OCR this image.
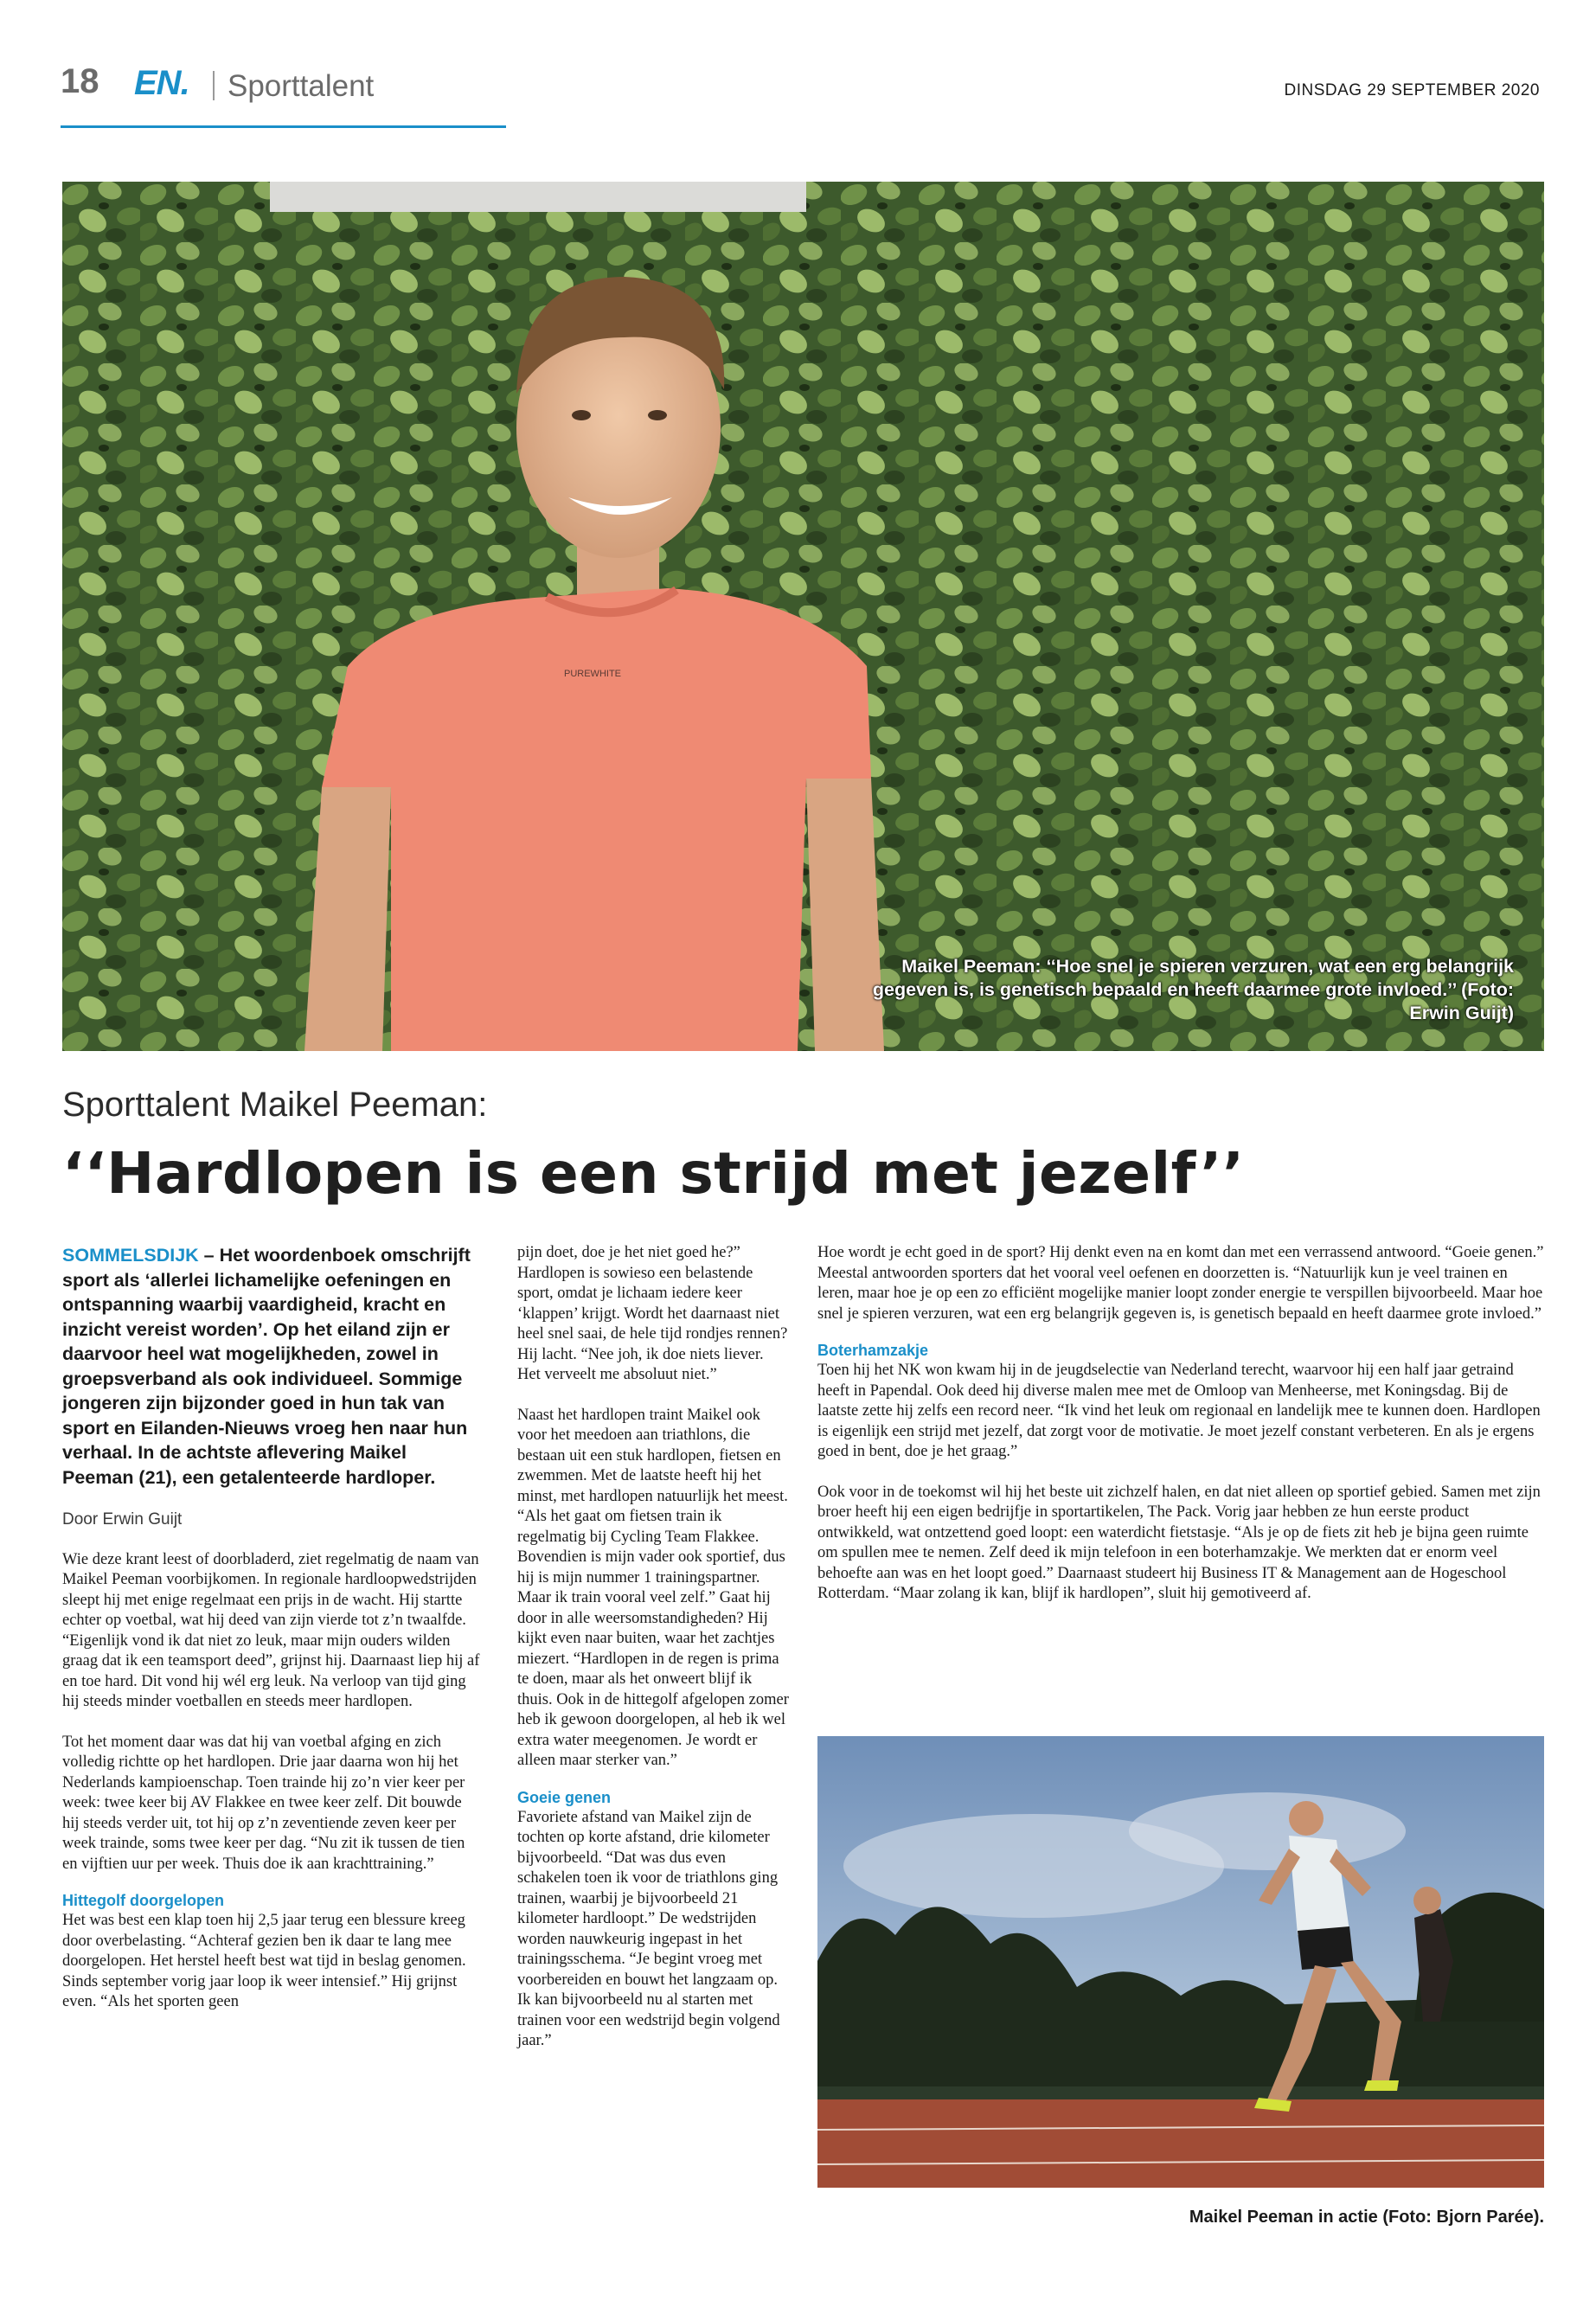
18 EN. Sporttalent	DINSDAG 29 SEPTEMBER 2020
PUREWHITE
Maikel Peeman: ‘‘Hoe snel je spieren verzuren, wat een erg belangrijk gegeven is, is genetisch bepaald en heeft daarmee grote invloed.’’ (Foto: Erwin Guijt)
Sporttalent Maikel Peeman:
‘‘Hardlopen is een strijd met jezelf’’

SOMMELSDIJK – Het woordenboek omschrijft sport als ‘allerlei lichamelijke oefeningen en ontspanning waarbij vaardigheid, kracht en inzicht vereist worden’. Op het eiland zijn er daarvoor heel wat mogelijkheden, zowel in groepsverband als ook individueel. Sommige jongeren zijn bijzonder goed in hun tak van sport en Eilanden-Nieuws vroeg hen naar hun verhaal. In de achtste aflevering Maikel Peeman (21), een getalenteerde hardloper.

Door Erwin Guijt

Wie deze krant leest of doorbladerd, ziet regelmatig de naam van Maikel Peeman voorbijkomen. In regionale hardloopwedstrijden sleept hij met enige regelmaat een prijs in de wacht. Hij startte echter op voetbal, wat hij deed van zijn vierde tot z’n twaalfde. “Eigenlijk vond ik dat niet zo leuk, maar mijn ouders wilden graag dat ik een teamsport deed”, grijnst hij. Daarnaast liep hij af en toe hard. Dit vond hij wél erg leuk. Na verloop van tijd ging hij steeds minder voetballen en steeds meer hardlopen.

Tot het moment daar was dat hij van voetbal afging en zich volledig richtte op het hardlopen. Drie jaar daarna won hij het Nederlands kampioenschap. Toen trainde hij zo’n vier keer per week: twee keer bij AV Flakkee en twee keer zelf. Dit bouwde hij steeds verder uit, tot hij op z’n zeventiende zeven keer per week trainde, soms twee keer per dag. “Nu zit ik tussen de tien en vijftien uur per week. Thuis doe ik aan krachttraining.”

Hittegolf doorgelopen

Het was best een klap toen hij 2,5 jaar terug een blessure kreeg door overbelasting. “Achteraf gezien ben ik daar te lang mee doorgelopen. Het herstel heeft best wat tijd in beslag genomen. Sinds september vorig jaar loop ik weer intensief.” Hij grijnst even. “Als het sporten geen

pijn doet, doe je het niet goed he?” Hardlopen is sowieso een belastende sport, omdat je lichaam iedere keer ‘klappen’ krijgt. Wordt het daarnaast niet heel snel saai, de hele tijd rondjes rennen? Hij lacht. “Nee joh, ik doe niets liever. Het verveelt me absoluut niet.”

Naast het hardlopen traint Maikel ook voor het meedoen aan triathlons, die bestaan uit een stuk hardlopen, fietsen en zwemmen. Met de laatste heeft hij het minst, met hardlopen natuurlijk het meest. “Als het gaat om fietsen train ik regelmatig bij Cycling Team Flakkee. Bovendien is mijn vader ook sportief, dus hij is mijn nummer 1 trainingspartner. Maar ik train vooral veel zelf.” Gaat hij door in alle weersomstandigheden? Hij kijkt even naar buiten, waar het zachtjes miezert. “Hardlopen in de regen is prima te doen, maar als het onweert blijf ik thuis. Ook in de hittegolf afgelopen zomer heb ik gewoon doorgelopen, al heb ik wel extra water meegenomen. Je wordt er alleen maar sterker van.”

Goeie genen

Favoriete afstand van Maikel zijn de tochten op korte afstand, drie kilometer bijvoorbeeld. “Dat was dus even schakelen toen ik voor de triathlons ging trainen, waarbij je bijvoorbeeld 21 kilometer hardloopt.” De wedstrijden worden nauwkeurig ingepast in het trainingsschema. “Je begint vroeg met voorbereiden en bouwt het langzaam op. Ik kan bijvoorbeeld nu al starten met trainen voor een wedstrijd begin volgend jaar.”

Hoe wordt je echt goed in de sport? Hij denkt even na en komt dan met een verrassend antwoord. “Goeie genen.” Meestal antwoorden sporters dat het vooral veel oefenen en doorzetten is. “Natuurlijk kun je veel trainen en leren, maar hoe je op een zo efficiënt mogelijke manier loopt zonder energie te verspillen bijvoorbeeld. Maar hoe snel je spieren verzuren, wat een erg belangrijk gegeven is, is genetisch bepaald en heeft daarmee grote invloed.”

Boterhamzakje

Toen hij het NK won kwam hij in de jeugdselectie van Nederland terecht, waarvoor hij een half jaar getraind heeft in Papendal. Ook deed hij diverse malen mee met de Omloop van Menheerse, met Koningsdag. Bij de laatste zette hij zelfs een record neer. “Ik vind het leuk om regionaal en landelijk mee te kunnen doen. Hardlopen is eigenlijk een strijd met jezelf, dat zorgt voor de motivatie. Je moet jezelf constant verbeteren. En als je ergens goed in bent, doe je het graag.”

Ook voor in de toekomst wil hij het beste uit zichzelf halen, en dat niet alleen op sportief gebied. Samen met zijn broer heeft hij een eigen bedrijfje in sportartikelen, The Pack. Vorig jaar hebben ze hun eerste product ontwikkeld, wat ontzettend goed loopt: een waterdicht fietstasje. “Als je op de fiets zit heb je bijna geen ruimte om spullen mee te nemen. Zelf deed ik mijn telefoon in een boterhamzakje. We merkten dat er enorm veel behoefte aan was en het loopt goed.” Daarnaast studeert hij Business IT & Management aan de Hogeschool Rotterdam. “Maar zolang ik kan, blijf ik hardlopen”, sluit hij gemotiveerd af.

Maikel Peeman in actie (Foto: Bjorn Parée).
